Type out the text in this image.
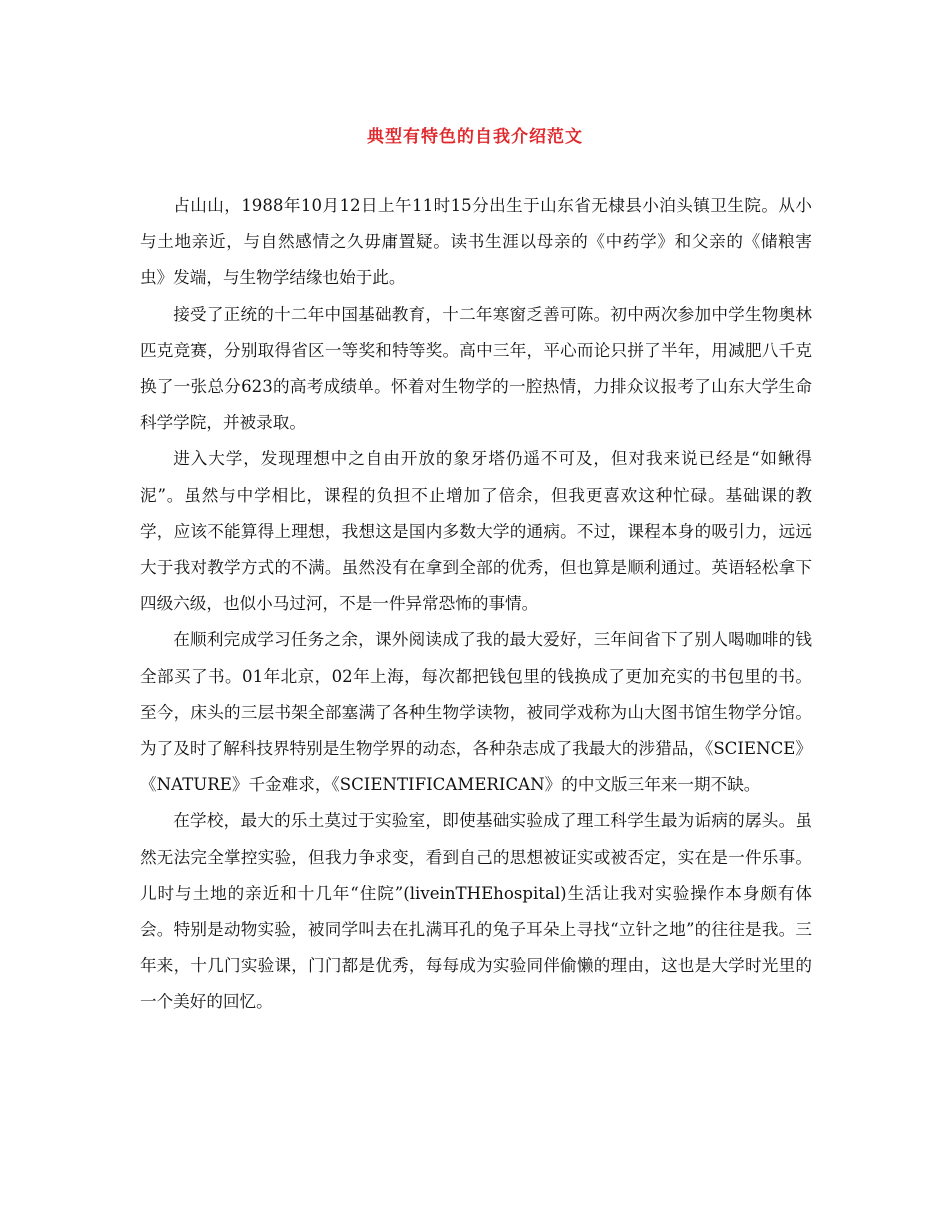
典型有特色的自我介绍范文

占山山，1988年10月12日上午11时15分出生于山东省无棣县小泊头镇卫生院。从小与土地亲近，与自然感情之久毋庸置疑。读书生涯以母亲的《中药学》和父亲的《储粮害虫》发端，与生物学结缘也始于此。

接受了正统的十二年中国基础教育，十二年寒窗乏善可陈。初中两次参加中学生物奥林匹克竞赛，分别取得省区一等奖和特等奖。高中三年，平心而论只拼了半年，用减肥八千克换了一张总分623的高考成绩单。怀着对生物学的一腔热情，力排众议报考了山东大学生命科学学院，并被录取。

进入大学，发现理想中之自由开放的象牙塔仍遥不可及，但对我来说已经是“如鳅得泥”。虽然与中学相比，课程的负担不止增加了倍余，但我更喜欢这种忙碌。基础课的教学，应该不能算得上理想，我想这是国内多数大学的通病。不过，课程本身的吸引力，远远大于我对教学方式的不满。虽然没有在拿到全部的优秀，但也算是顺利通过。英语轻松拿下四级六级，也似小马过河，不是一件异常恐怖的事情。

在顺利完成学习任务之余，课外阅读成了我的最大爱好，三年间省下了别人喝咖啡的钱全部买了书。01年北京，02年上海，每次都把钱包里的钱换成了更加充实的书包里的书。至今，床头的三层书架全部塞满了各种生物学读物，被同学戏称为山大图书馆生物学分馆。为了及时了解科技界特别是生物学界的动态，各种杂志成了我最大的涉猎品，《SCIENCE》《NATURE》千金难求，《SCIENTIFICAMERICAN》的中文版三年来一期不缺。

在学校，最大的乐土莫过于实验室，即使基础实验成了理工科学生最为诟病的孱头。虽然无法完全掌控实验，但我力争求变，看到自己的思想被证实或被否定，实在是一件乐事。儿时与土地的亲近和十几年“住院”(liveinTHEhospital)生活让我对实验操作本身颇有体会。特别是动物实验，被同学叫去在扎满耳孔的兔子耳朵上寻找“立针之地”的往往是我。三年来，十几门实验课，门门都是优秀，每每成为实验同伴偷懒的理由，这也是大学时光里的一个美好的回忆。
